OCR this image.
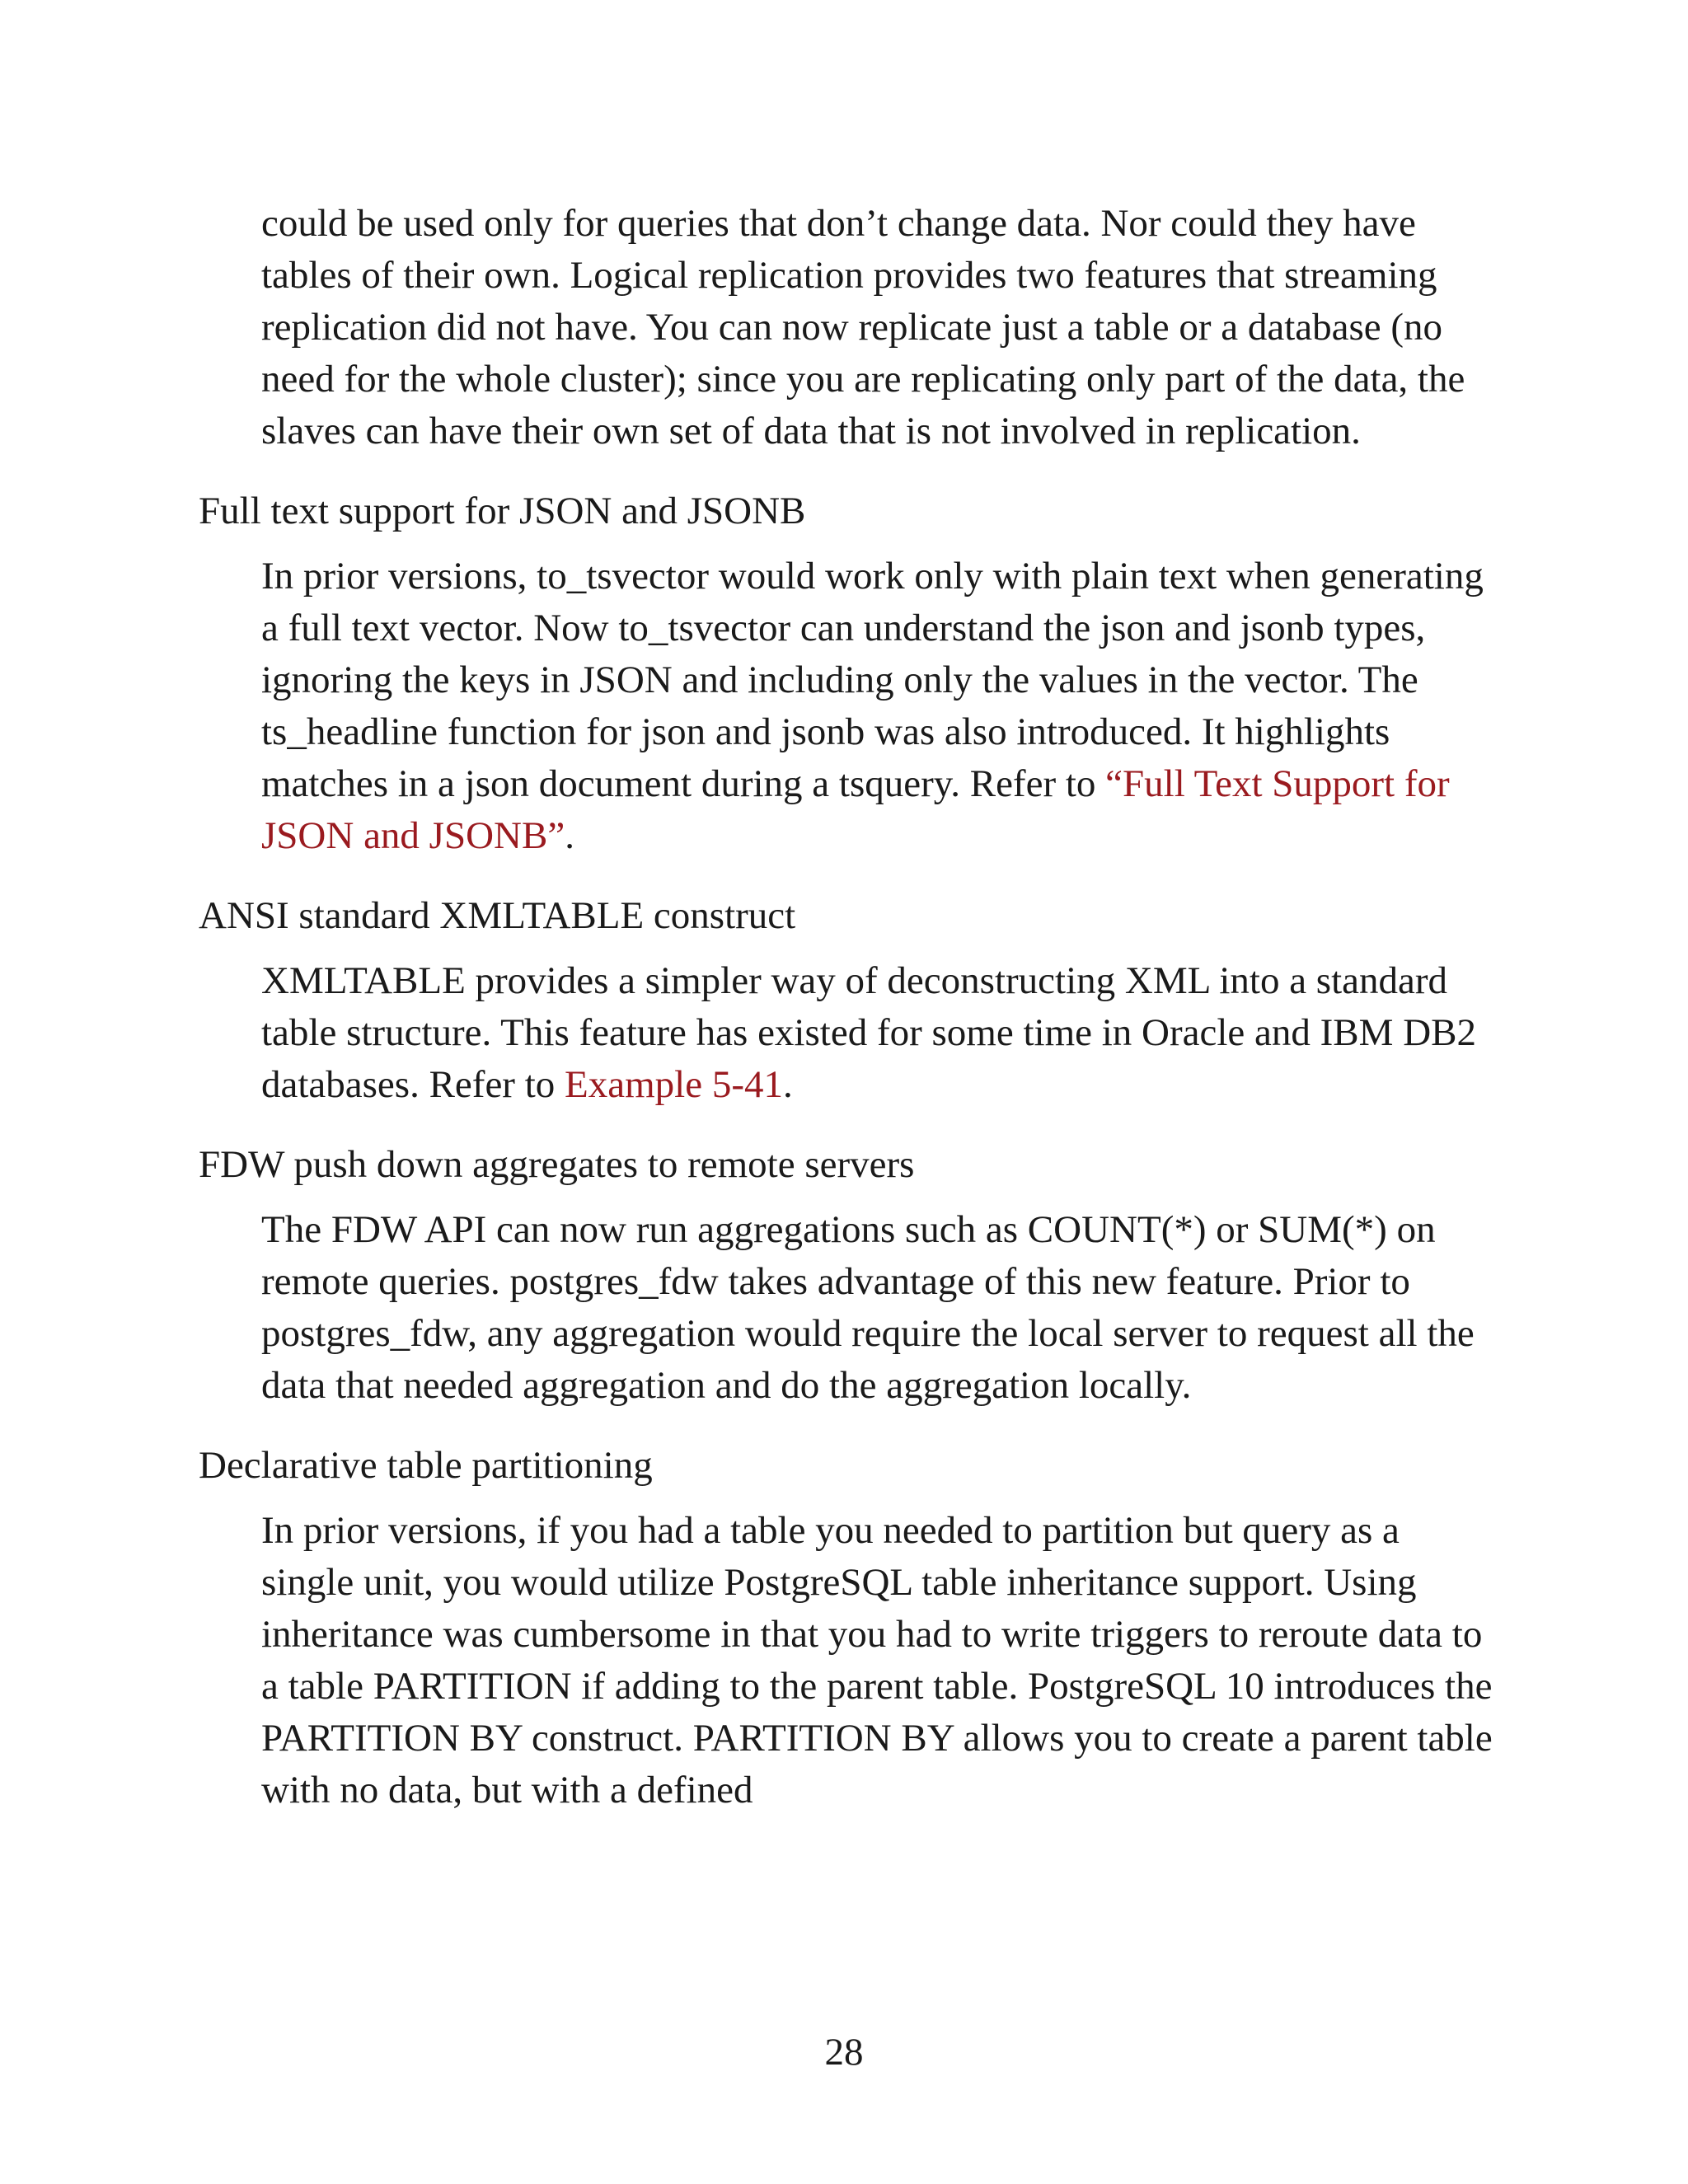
could be used only for queries that don’t change data. Nor could they have tables of their own. Logical replication provides two features that streaming replication did not have. You can now replicate just a table or a database (no need for the whole cluster); since you are replicating only part of the data, the slaves can have their own set of data that is not involved in replication.

Full text support for JSON and JSONB

In prior versions, to_tsvector would work only with plain text when generating a full text vector. Now to_tsvector can understand the json and jsonb types, ignoring the keys in JSON and including only the values in the vector. The ts_headline function for json and jsonb was also introduced. It highlights matches in a json document during a tsquery. Refer to “Full Text Support for JSON and JSONB”.

ANSI standard XMLTABLE construct

XMLTABLE provides a simpler way of deconstructing XML into a standard table structure. This feature has existed for some time in Oracle and IBM DB2 databases. Refer to Example 5-41.

FDW push down aggregates to remote servers

The FDW API can now run aggregations such as COUNT(*) or SUM(*) on remote queries. postgres_fdw takes advantage of this new feature. Prior to postgres_fdw, any aggregation would require the local server to request all the data that needed aggregation and do the aggregation locally.

Declarative table partitioning

In prior versions, if you had a table you needed to partition but query as a single unit, you would utilize PostgreSQL table inheritance support. Using inheritance was cumbersome in that you had to write triggers to reroute data to a table PARTITION if adding to the parent table. PostgreSQL 10 introduces the PARTITION BY construct. PARTITION BY allows you to create a parent table with no data, but with a defined

28
